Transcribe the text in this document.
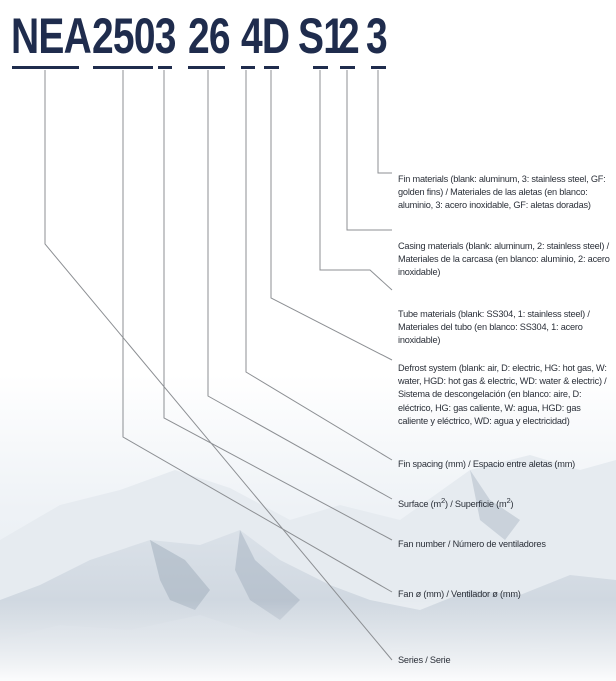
NEA 2503 26 4D S1
2 3
Fin materials (blank: aluminum, 3: stainless steel, GF: golden fins) / Materiales de las aletas (en blanco: aluminio, 3: acero inoxidable, GF: aletas doradas)
Casing materials (blank: aluminum, 2: stainless steel) / Materiales de la carcasa (en blanco: aluminio, 2: acero inoxidable)
Tube materials (blank: SS304, 1: stainless steel) / Materiales del tubo (en blanco: SS304, 1: acero inoxidable)
Defrost system (blank: air, D: electric, HG: hot gas, W: water, HGD: hot gas & electric, WD: water & electric) / Sistema de descongelación (en blanco: aire, D: eléctrico, HG: gas caliente, W: agua, HGD: gas caliente y eléctrico, WD: agua y electricidad)
Fin spacing (mm) / Espacio entre aletas (mm)
Surface $(m^2)$ / Superficie $(m^2)$
Fan number / Número de ventiladores
Fan ø (mm) / Ventilador ø (mm)
Series / Serie
